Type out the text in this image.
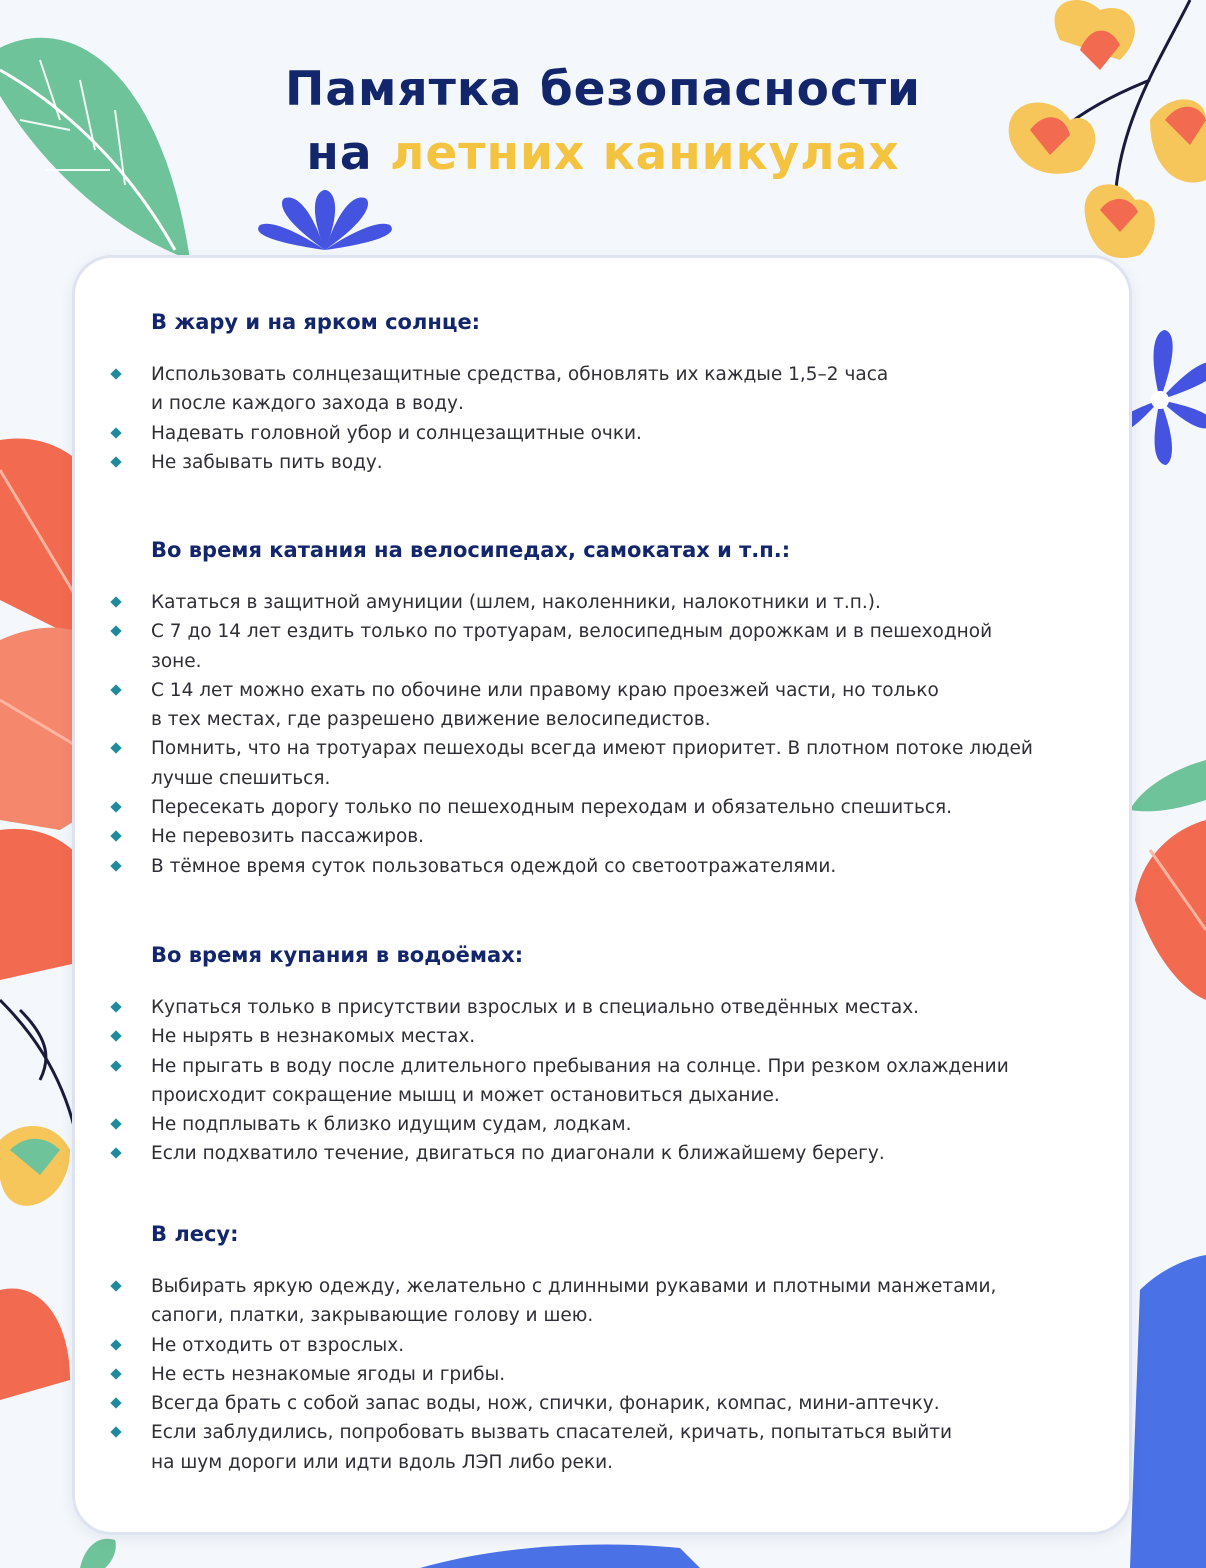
Памятка безопасности
на летних каникулах
В жару и на ярком солнце:
Использовать солнцезащитные средства, обновлять их каждые 1,5–2 часа
и после каждого захода в воду.
Надевать головной убор и солнцезащитные очки.
Не забывать пить воду.
Во время катания на велосипедах, самокатах и т.п.:
Кататься в защитной амуниции (шлем, наколенники, налокотники и т.п.).
С 7 до 14 лет ездить только по тротуарам, велосипедным дорожкам и в пешеходной
зоне.
С 14 лет можно ехать по обочине или правому краю проезжей части, но только
в тех местах, где разрешено движение велосипедистов.
Помнить, что на тротуарах пешеходы всегда имеют приоритет. В плотном потоке людей
лучше спешиться.
Пересекать дорогу только по пешеходным переходам и обязательно спешиться.
Не перевозить пассажиров.
В тёмное время суток пользоваться одеждой со светоотражателями.
Во время купания в водоёмах:
Купаться только в присутствии взрослых и в специально отведённых местах.
Не нырять в незнакомых местах.
Не прыгать в воду после длительного пребывания на солнце. При резком охлаждении
происходит сокращение мышц и может остановиться дыхание.
Не подплывать к близко идущим судам, лодкам.
Если подхватило течение, двигаться по диагонали к ближайшему берегу.
В лесу:
Выбирать яркую одежду, желательно с длинными рукавами и плотными манжетами,
сапоги, платки, закрывающие голову и шею.
Не отходить от взрослых.
Не есть незнакомые ягоды и грибы.
Всегда брать с собой запас воды, нож, спички, фонарик, компас, мини-аптечку.
Если заблудились, попробовать вызвать спасателей, кричать, попытаться выйти
на шум дороги или идти вдоль ЛЭП либо реки.
